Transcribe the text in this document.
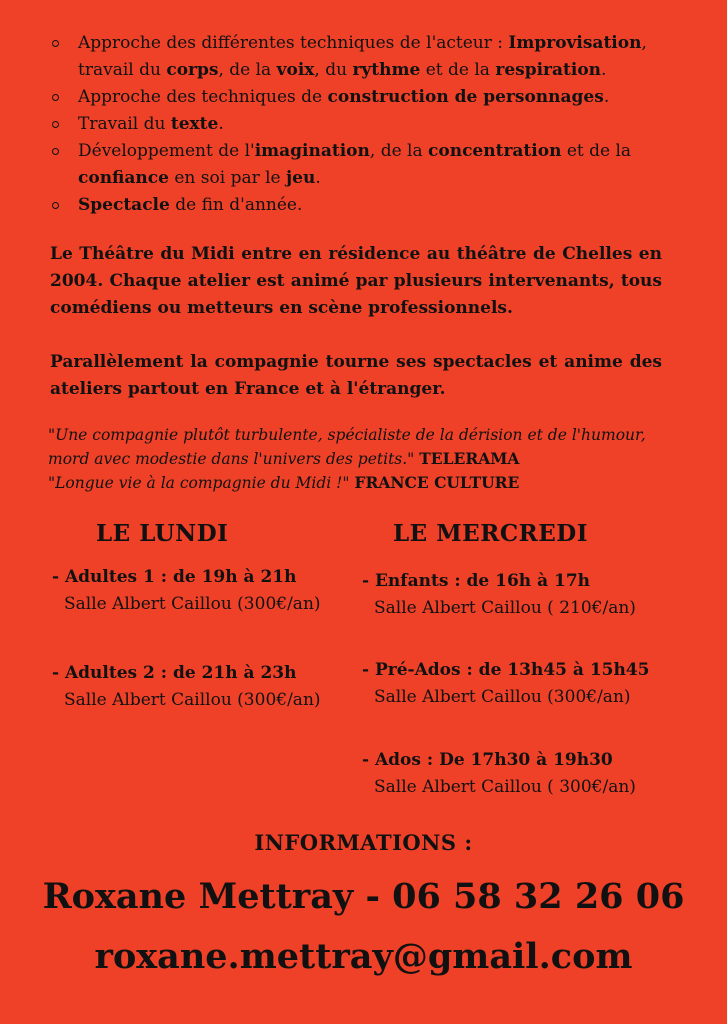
Approche des différentes techniques de l'acteur : Improvisation, travail du corps, de la voix, du rythme et de la respiration.
Approche des techniques de construction de personnages.
Travail du texte.
Développement de l'imagination, de la concentration et de la confiance en soi par le jeu.
Spectacle de fin d'année.

Le Théâtre du Midi entre en résidence au théâtre de Chelles en 2004. Chaque atelier est animé par plusieurs intervenants, tous comédiens ou metteurs en scène professionnels.

Parallèlement la compagnie tourne ses spectacles et anime des ateliers partout en France et à l'étranger.

"Une compagnie plutôt turbulente, spécialiste de la dérision et de l'humour, mord avec modestie dans l'univers des petits." TELERAMA
"Longue vie à la compagnie du Midi !" FRANCE CULTURE
LE LUNDI	LE MERCREDI
- Adultes 1 : de 19h à 21h
Salle Albert Caillou (300€/an)
- Adultes 2 : de 21h à 23h
Salle Albert Caillou (300€/an)
- Enfants : de 16h à 17h
Salle Albert Caillou ( 210€/an)
- Pré-Ados : de 13h45 à 15h45
Salle Albert Caillou (300€/an)
- Ados : De 17h30 à 19h30
Salle Albert Caillou ( 300€/an)
INFORMATIONS :
Roxane Mettray - 06 58 32 26 06
roxane.mettray@gmail.com
